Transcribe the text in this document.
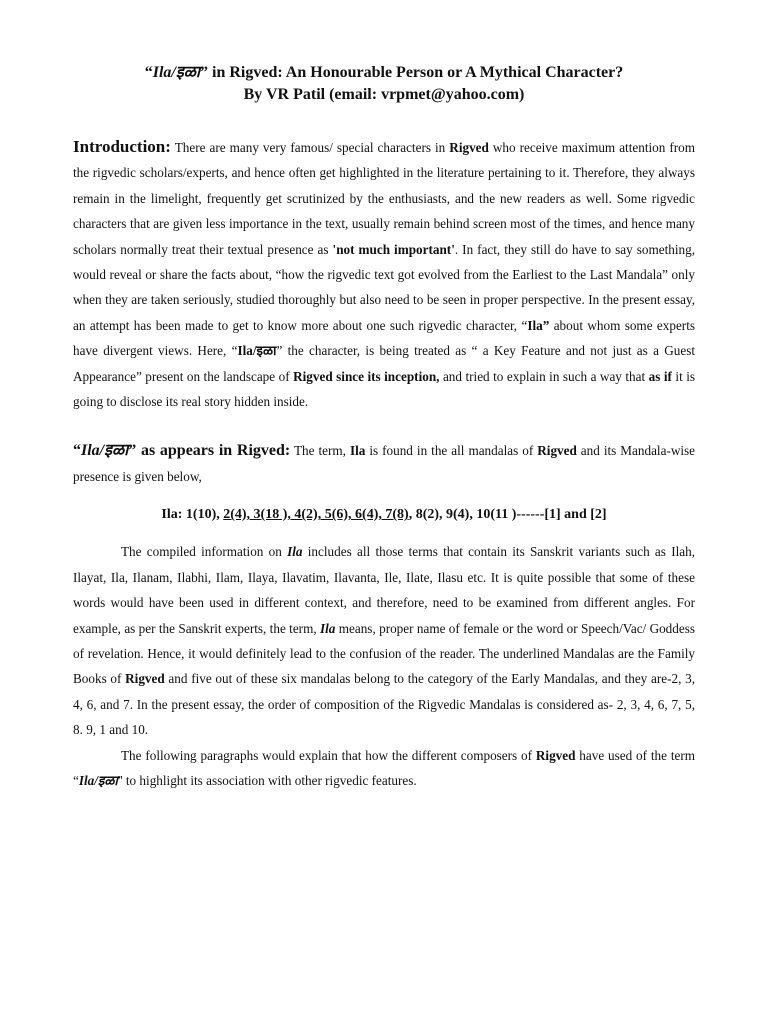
“Ila/इळा” in Rigved: An Honourable Person or A Mythical Character?
By VR Patil (email: vrpmet@yahoo.com)

Introduction: There are many very famous/ special characters in Rigved who receive maximum attention from the rigvedic scholars/experts, and hence often get highlighted in the literature pertaining to it. Therefore, they always remain in the limelight, frequently get scrutinized by the enthusiasts, and the new readers as well. Some rigvedic characters that are given less importance in the text, usually remain behind screen most of the times, and hence many scholars normally treat their textual presence as 'not much important'. In fact, they still do have to say something, would reveal or share the facts about, “how the rigvedic text got evolved from the Earliest to the Last Mandala” only when they are taken seriously, studied thoroughly but also need to be seen in proper perspective. In the present essay, an attempt has been made to get to know more about one such rigvedic character, “Ila” about whom some experts have divergent views. Here, “Ila/इळा” the character, is being treated as “ a Key Feature and not just as a Guest Appearance” present on the landscape of Rigved since its inception, and tried to explain in such a way that as if it is going to disclose its real story hidden inside.

“Ila/इळा” as appears in Rigved: The term, Ila is found in the all mandalas of Rigved and its Mandala-wise presence is given below,

Ila: 1(10), 2(4), 3(18 ), 4(2), 5(6), 6(4), 7(8), 8(2), 9(4), 10(11 )------[1] and [2]

The compiled information on Ila includes all those terms that contain its Sanskrit variants such as Ilah, Ilayat, Ila, Ilanam, Ilabhi, Ilam, Ilaya, Ilavatim, Ilavanta, Ile, Ilate, Ilasu etc. It is quite possible that some of these words would have been used in different context, and therefore, need to be examined from different angles. For example, as per the Sanskrit experts, the term, Ila means, proper name of female or the word or Speech/Vac/ Goddess of revelation. Hence, it would definitely lead to the confusion of the reader. The underlined Mandalas are the Family Books of Rigved and five out of these six mandalas belong to the category of the Early Mandalas, and they are-2, 3, 4, 6, and 7. In the present essay, the order of composition of the Rigvedic Mandalas is considered as- 2, 3, 4, 6, 7, 5, 8. 9, 1 and 10.

The following paragraphs would explain that how the different composers of Rigved have used of the term “Ila/इळा'' to highlight its association with other rigvedic features.
